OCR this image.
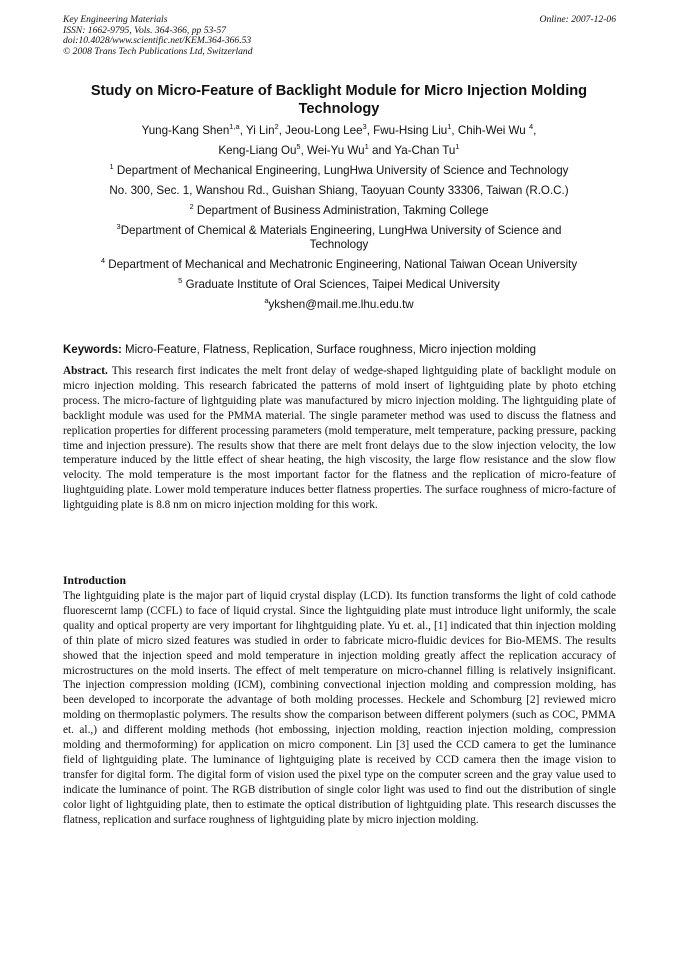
Key Engineering Materials
ISSN: 1662-9795, Vols. 364-366, pp 53-57
doi:10.4028/www.scientific.net/KEM.364-366.53
© 2008 Trans Tech Publications Ltd, Switzerland
Online: 2007-12-06
Study on Micro-Feature of Backlight Module for Micro Injection Molding Technology
Yung-Kang Shen$^{1,a}$, Yi Lin$^2$, Jeou-Long Lee$^3$, Fwu-Hsing Liu$^1$, Chih-Wei Wu $^4$,
Keng-Liang Ou$^5$, Wei-Yu Wu$^1$ and Ya-Chan Tu$^1$
$^1$ Department of Mechanical Engineering, LungHwa University of Science and Technology
No. 300, Sec. 1, Wanshou Rd., Guishan Shiang, Taoyuan County 33306, Taiwan (R.O.C.)
$^2$ Department of Business Administration, Takming College
$^3$Department of Chemical & Materials Engineering, LungHwa University of Science and
Technology
$^4$ Department of Mechanical and Mechatronic Engineering, National Taiwan Ocean University
$^5$ Graduate Institute of Oral Sciences, Taipei Medical University
$^a$ykshen@mail.me.lhu.edu.tw
Keywords: Micro-Feature, Flatness, Replication, Surface roughness, Micro injection molding
Abstract. This research first indicates the melt front delay of wedge-shaped lightguiding plate of backlight module on micro injection molding. This research fabricated the patterns of mold insert of lightguiding plate by photo etching process. The micro-facture of lightguiding plate was manufactured by micro injection molding. The lightguiding plate of backlight module was used for the PMMA material. The single parameter method was used to discuss the flatness and replication properties for different processing parameters (mold temperature, melt temperature, packing pressure, packing time and injection pressure). The results show that there are melt front delays due to the slow injection velocity, the low temperature induced by the little effect of shear heating, the high viscosity, the large flow resistance and the slow flow velocity. The mold temperature is the most important factor for the flatness and the replication of micro-feature of liughtguiding plate. Lower mold temperature induces better flatness properties. The surface roughness of micro-facture of lightguiding plate is 8.8 nm on micro injection molding for this work.
Introduction
The lightguiding plate is the major part of liquid crystal display (LCD). Its function transforms the light of cold cathode fluorescernt lamp (CCFL) to face of liquid crystal. Since the lightguiding plate must introduce light uniformly, the scale quality and optical property are very important for lihghtguiding plate. Yu et. al., [1] indicated that thin injection molding of thin plate of micro sized features was studied in order to fabricate micro-fluidic devices for Bio-MEMS. The results showed that the injection speed and mold temperature in injection molding greatly affect the replication accuracy of microstructures on the mold inserts. The effect of melt temperature on micro-channel filling is relatively insignificant. The injection compression molding (ICM), combining convectional injection molding and compression molding, has been developed to incorporate the advantage of both molding processes. Heckele and Schomburg [2] reviewed micro molding on thermoplastic polymers. The results show the comparison between different polymers (such as COC, PMMA et. al.,) and different molding methods (hot embossing, injection molding, reaction injection molding, compression molding and thermoforming) for application on micro component. Lin [3] used the CCD camera to get the luminance field of lightguiding plate. The luminance of lightguiging plate is received by CCD camera then the image vision to transfer for digital form. The digital form of vision used the pixel type on the computer screen and the gray value used to indicate the luminance of point. The RGB distribution of single color light was used to find out the distribution of single color light of lightguiding plate, then to estimate the optical distribution of lightguiding plate. This research discusses the flatness, replication and surface roughness of lightguiding plate by micro injection molding.
